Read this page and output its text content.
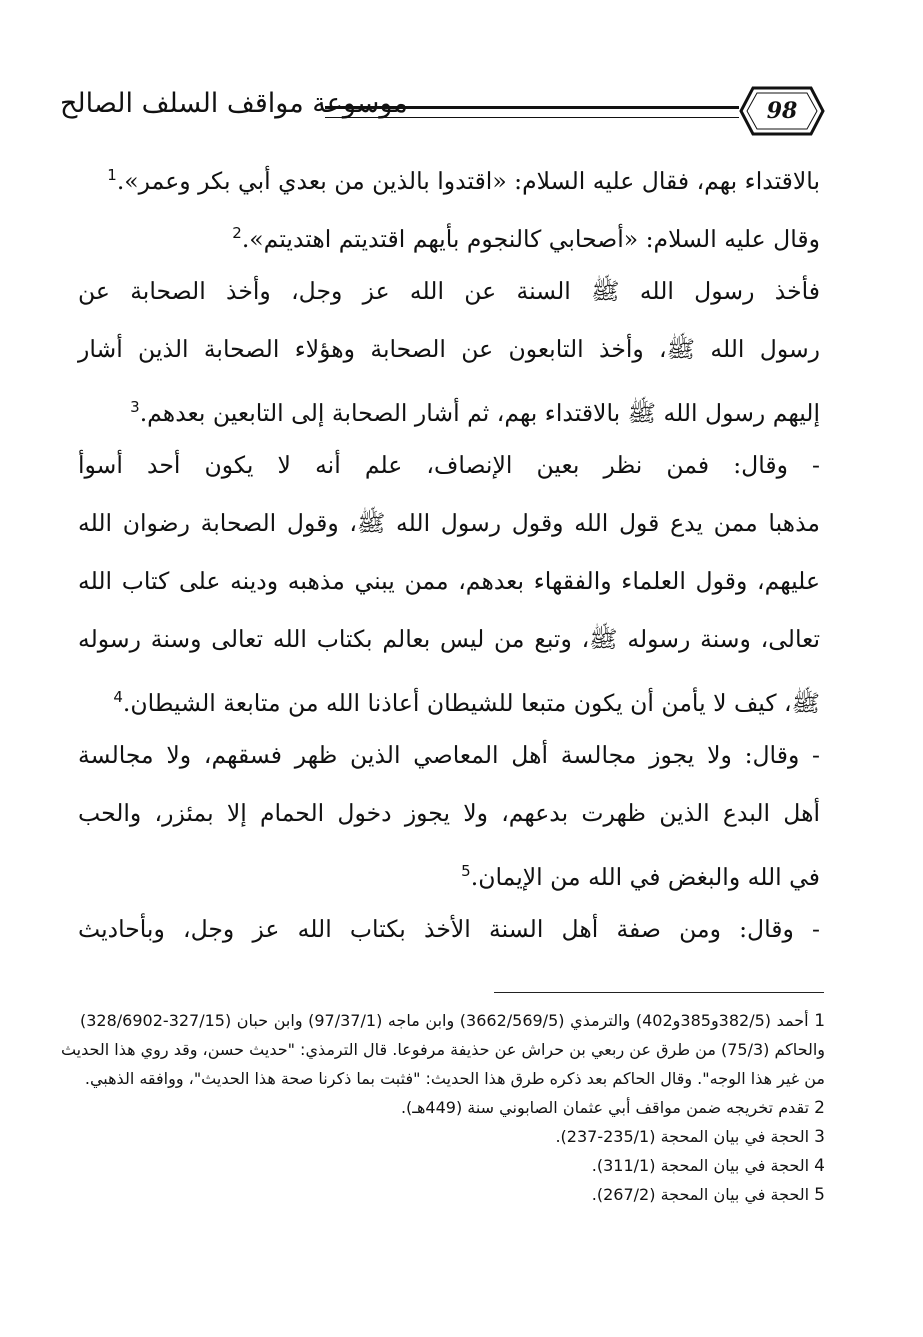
موسوعة مواقف السلف الصالح	98
بالاقتداء بهم، فقال عليه السلام: «اقتدوا بالذين من بعدي أبي بكر وعمر».$^1$
وقال عليه السلام: «أصحابي كالنجوم بأيهم اقتديتم اهتديتم».$^2$
فأخذ رسول الله ﷺ السنة عن الله عز وجل، وأخذ الصحابة عن
رسول الله ﷺ، وأخذ التابعون عن الصحابة وهؤلاء الصحابة الذين أشار
إليهم رسول الله ﷺ بالاقتداء بهم، ثم أشار الصحابة إلى التابعين بعدهم.$^3$
- وقال: فمن نظر بعين الإنصاف، علم أنه لا يكون أحد أسوأ
مذهبا ممن يدع قول الله وقول رسول الله ﷺ، وقول الصحابة رضوان الله
عليهم، وقول العلماء والفقهاء بعدهم، ممن يبني مذهبه ودينه على كتاب الله
تعالى، وسنة رسوله ﷺ، وتبع من ليس بعالم بكتاب الله تعالى وسنة رسوله
ﷺ، كيف لا يأمن أن يكون متبعا للشيطان أعاذنا الله من متابعة الشيطان.$^4$
- وقال: ولا يجوز مجالسة أهل المعاصي الذين ظهر فسقهم، ولا مجالسة
أهل البدع الذين ظهرت بدعهم، ولا يجوز دخول الحمام إلا بمئزر، والحب
في الله والبغض في الله من الإيمان.$^5$
- وقال: ومن صفة أهل السنة الأخذ بكتاب الله عز وجل، وبأحاديث
1 أحمد (382/5و385و402) والترمذي (3662/569/5) وابن ماجه (97/37/1) وابن حبان (327/15-328/6902)
والحاكم (75/3) من طرق عن ربعي بن حراش عن حذيفة مرفوعا. قال الترمذي: "حديث حسن، وقد روي هذا الحديث
من غير هذا الوجه". وقال الحاكم بعد ذكره طرق هذا الحديث: "فثبت بما ذكرنا صحة هذا الحديث"، ووافقه الذهبي.
2 تقدم تخريجه ضمن مواقف أبي عثمان الصابوني سنة (449هـ).
3 الحجة في بيان المحجة (235/1-237).
4 الحجة في بيان المحجة (311/1).
5 الحجة في بيان المحجة (267/2).
